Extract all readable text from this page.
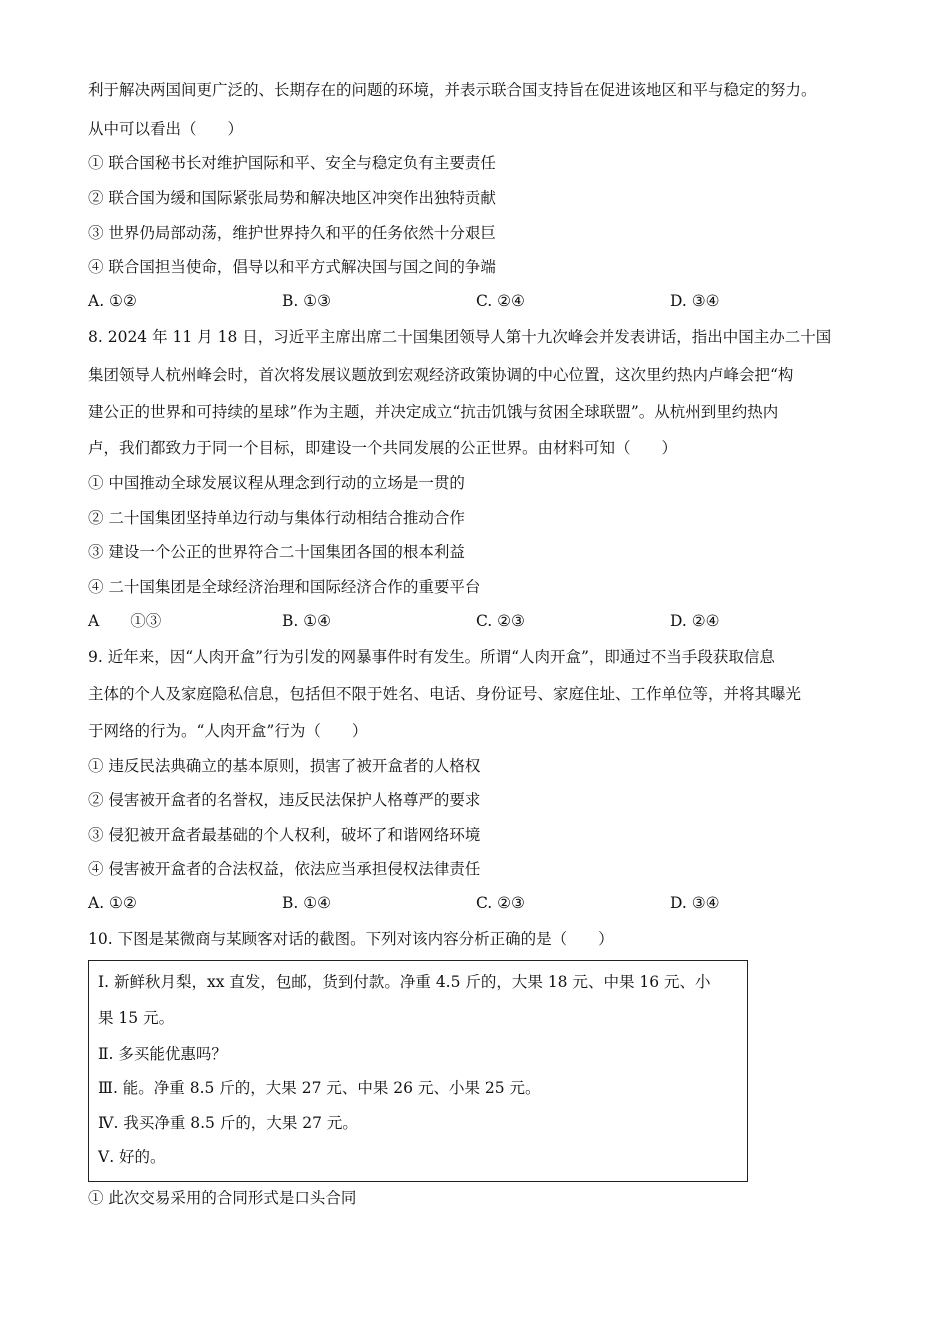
利于解决两国间更广泛的、长期存在的问题的环境，并表示联合国支持旨在促进该地区和平与稳定的努力。
从中可以看出（　　）
① 联合国秘书长对维护国际和平、安全与稳定负有主要责任
② 联合国为缓和国际紧张局势和解决地区冲突作出独特贡献
③ 世界仍局部动荡，维护世界持久和平的任务依然十分艰巨
④ 联合国担当使命，倡导以和平方式解决国与国之间的争端
A. ①②	B. ①③	C. ②④	D. ③④
8. 2024 年 11 月 18 日，习近平主席出席二十国集团领导人第十九次峰会并发表讲话，指出中国主办二十国
集团领导人杭州峰会时，首次将发展议题放到宏观经济政策协调的中心位置，这次里约热内卢峰会把“构
建公正的世界和可持续的星球”作为主题，并决定成立“抗击饥饿与贫困全球联盟”。从杭州到里约热内
卢，我们都致力于同一个目标，即建设一个共同发展的公正世界。由材料可知（　　）
① 中国推动全球发展议程从理念到行动的立场是一贯的
② 二十国集团坚持单边行动与集体行动相结合推动合作
③ 建设一个公正的世界符合二十国集团各国的根本利益
④ 二十国集团是全球经济治理和国际经济合作的重要平台
A　　①③	B. ①④	C. ②③	D. ②④
9. 近年来，因“人肉开盒”行为引发的网暴事件时有发生。所谓“人肉开盒”，即通过不当手段获取信息
主体的个人及家庭隐私信息，包括但不限于姓名、电话、身份证号、家庭住址、工作单位等，并将其曝光
于网络的行为。“人肉开盒”行为（　　）
① 违反民法典确立的基本原则，损害了被开盒者的人格权
② 侵害被开盒者的名誉权，违反民法保护人格尊严的要求
③ 侵犯被开盒者最基础的个人权利，破坏了和谐网络环境
④ 侵害被开盒者的合法权益，依法应当承担侵权法律责任
A. ①②	B. ①④	C. ②③	D. ③④
10. 下图是某微商与某顾客对话的截图。下列对该内容分析正确的是（　　）
I. 新鲜秋月梨，xx 直发，包邮，货到付款。净重 4.5 斤的，大果 18 元、中果 16 元、小
果 15 元。
Ⅱ. 多买能优惠吗？
Ⅲ. 能。净重 8.5 斤的，大果 27 元、中果 26 元、小果 25 元。
Ⅳ. 我买净重 8.5 斤的，大果 27 元。
Ⅴ. 好的。
① 此次交易采用的合同形式是口头合同
